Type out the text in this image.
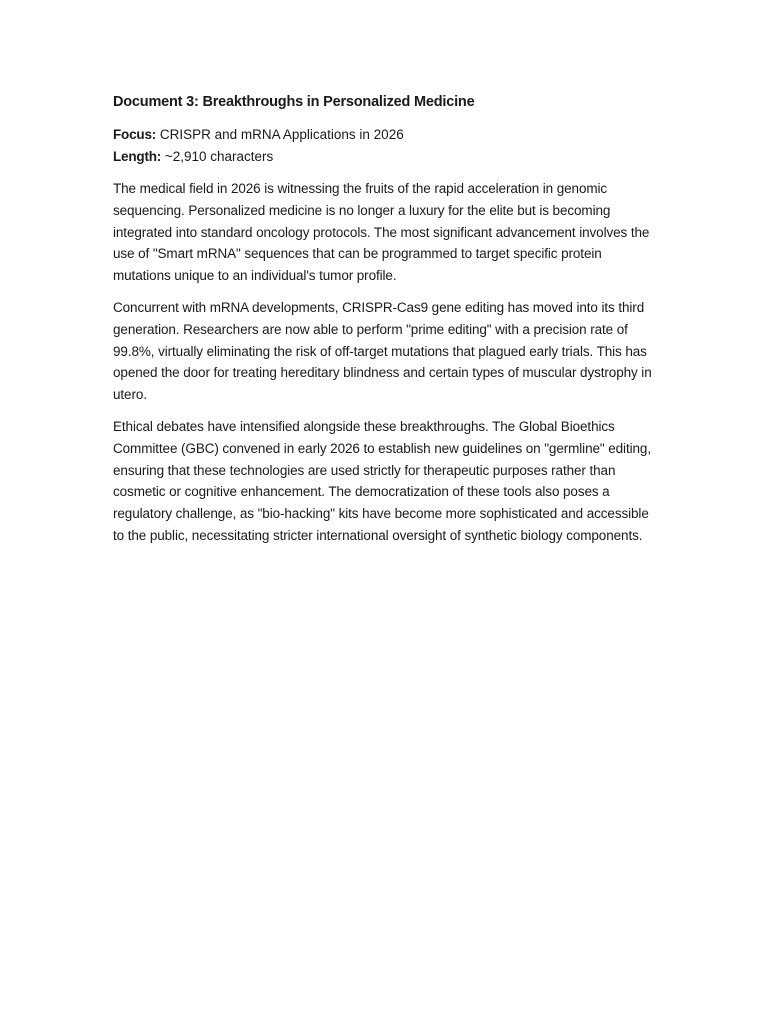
Document 3: Breakthroughs in Personalized Medicine

Focus: CRISPR and mRNA Applications in 2026

Length: ~2,910 characters

The medical field in 2026 is witnessing the fruits of the rapid acceleration in genomic sequencing. Personalized medicine is no longer a luxury for the elite but is becoming integrated into standard oncology protocols. The most significant advancement involves the use of "Smart mRNA" sequences that can be programmed to target specific protein mutations unique to an individual's tumor profile.

Concurrent with mRNA developments, CRISPR-Cas9 gene editing has moved into its third generation. Researchers are now able to perform "prime editing" with a precision rate of 99.8%, virtually eliminating the risk of off-target mutations that plagued early trials. This has opened the door for treating hereditary blindness and certain types of muscular dystrophy in utero.

Ethical debates have intensified alongside these breakthroughs. The Global Bioethics Committee (GBC) convened in early 2026 to establish new guidelines on "germline" editing, ensuring that these technologies are used strictly for therapeutic purposes rather than cosmetic or cognitive enhancement. The democratization of these tools also poses a regulatory challenge, as "bio-hacking" kits have become more sophisticated and accessible to the public, necessitating stricter international oversight of synthetic biology components.
